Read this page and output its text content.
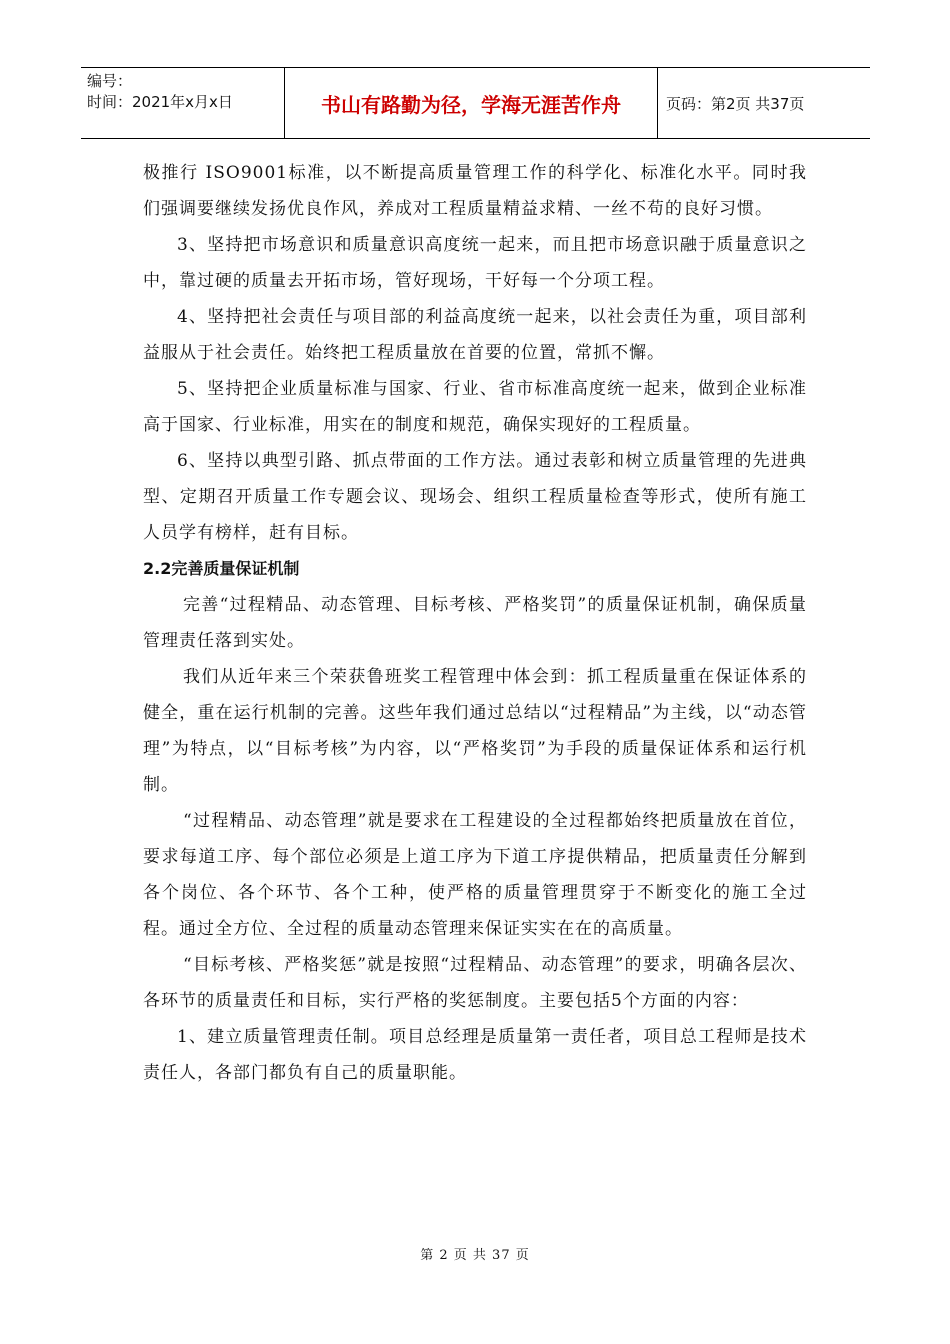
编号：
时间：2021年x月x日	书山有路勤为径，学海无涯苦作舟	页码：第2页 共37页

极推行 ISO9001标准，以不断提高质量管理工作的科学化、标准化水平。同时我们强调要继续发扬优良作风，养成对工程质量精益求精、一丝不苟的良好习惯。

3、坚持把市场意识和质量意识高度统一起来，而且把市场意识融于质量意识之中，靠过硬的质量去开拓市场，管好现场，干好每一个分项工程。

4、坚持把社会责任与项目部的利益高度统一起来，以社会责任为重，项目部利益服从于社会责任。始终把工程质量放在首要的位置，常抓不懈。

5、坚持把企业质量标准与国家、行业、省市标准高度统一起来，做到企业标准高于国家、行业标准，用实在的制度和规范，确保实现好的工程质量。

6、坚持以典型引路、抓点带面的工作方法。通过表彰和树立质量管理的先进典型、定期召开质量工作专题会议、现场会、组织工程质量检查等形式，使所有施工人员学有榜样，赶有目标。

2.2完善质量保证机制

完善“过程精品、动态管理、目标考核、严格奖罚”的质量保证机制，确保质量管理责任落到实处。

我们从近年来三个荣获鲁班奖工程管理中体会到：抓工程质量重在保证体系的健全，重在运行机制的完善。这些年我们通过总结以“过程精品”为主线，以“动态管理”为特点，以“目标考核”为内容，以“严格奖罚”为手段的质量保证体系和运行机制。

“过程精品、动态管理”就是要求在工程建设的全过程都始终把质量放在首位，要求每道工序、每个部位必须是上道工序为下道工序提供精品，把质量责任分解到各个岗位、各个环节、各个工种，使严格的质量管理贯穿于不断变化的施工全过程。通过全方位、全过程的质量动态管理来保证实实在在的高质量。

“目标考核、严格奖惩”就是按照“过程精品、动态管理”的要求，明确各层次、各环节的质量责任和目标，实行严格的奖惩制度。主要包括5个方面的内容：

1、建立质量管理责任制。项目总经理是质量第一责任者，项目总工程师是技术责任人，各部门都负有自己的质量职能。

第 2 页 共 37 页
